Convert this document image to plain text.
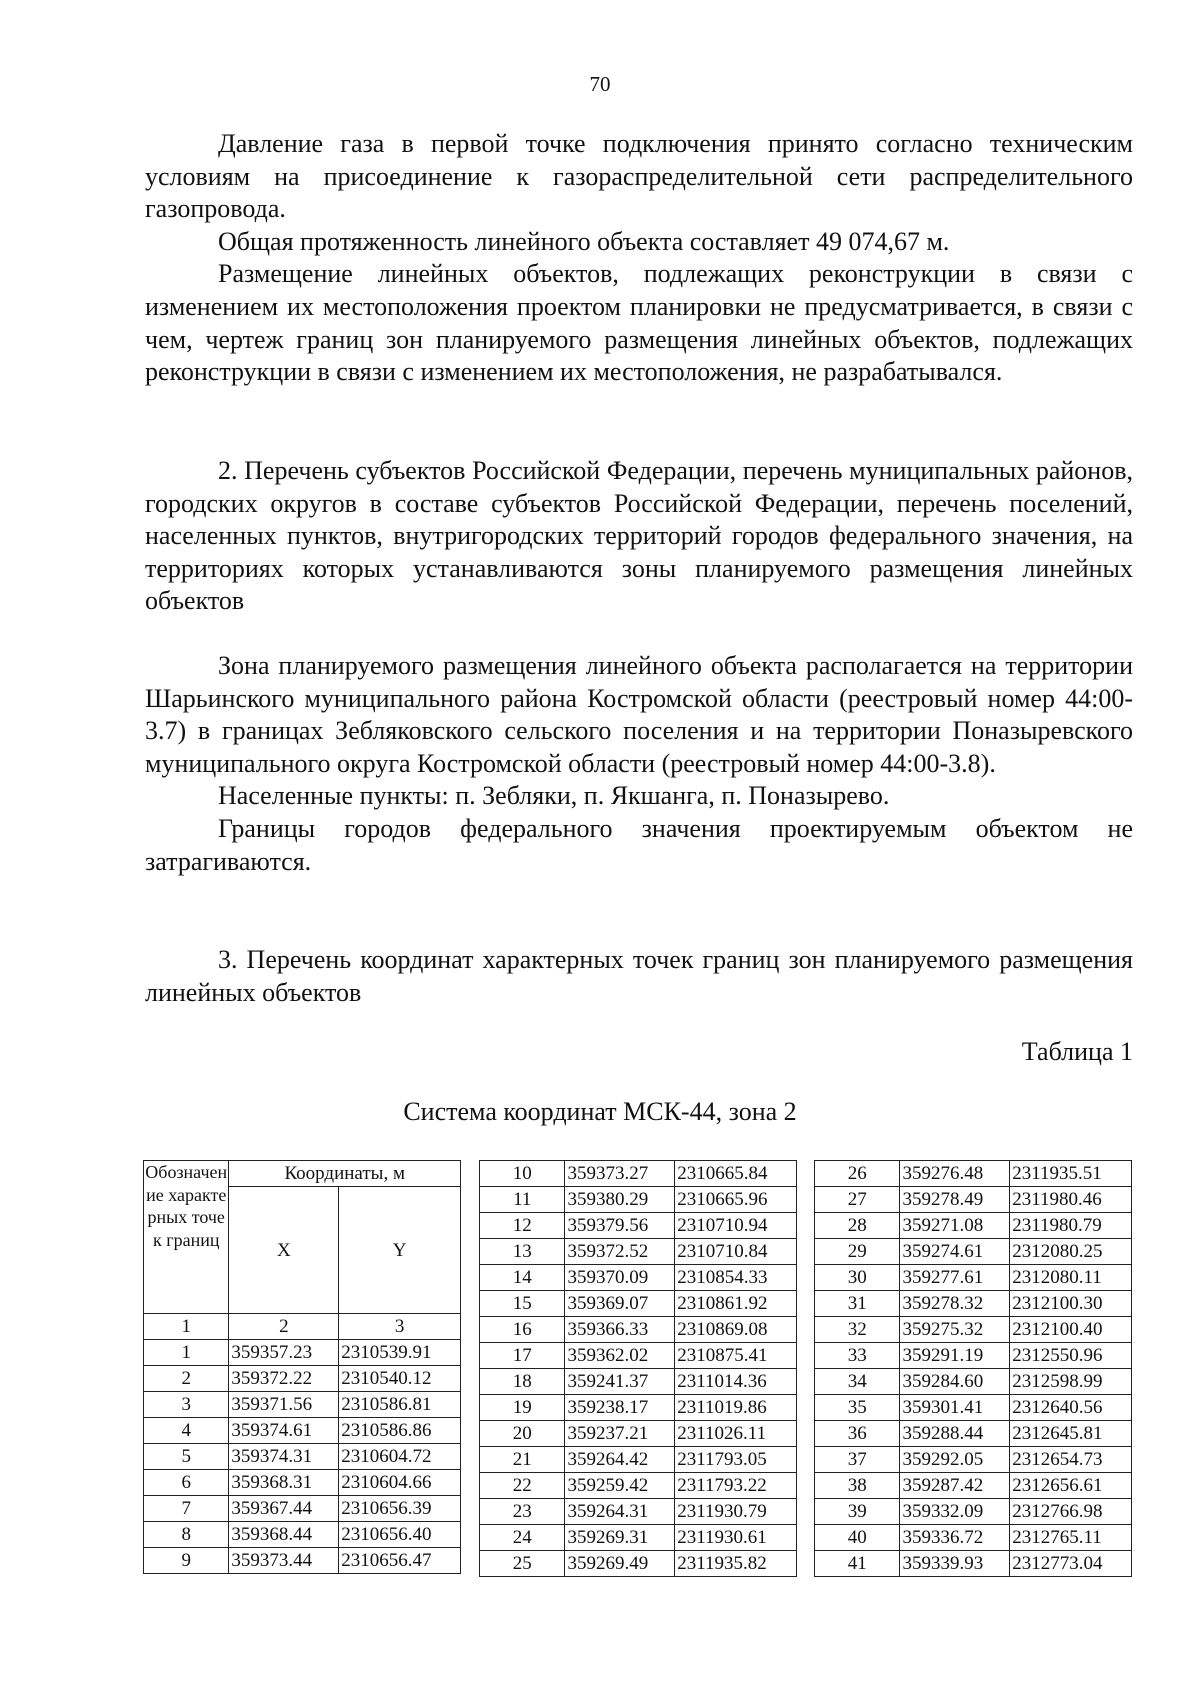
70

Давление газа в первой точке подключения принято согласно техническим условиям на присоединение к газораспределительной сети распределительного газопровода.

Общая протяженность линейного объекта составляет 49 074,67 м.

Размещение линейных объектов, подлежащих реконструкции в связи с изменением их местоположения проектом планировки не предусматривается, в связи с чем, чертеж границ зон планируемого размещения линейных объектов, подлежащих реконструкции в связи с изменением их местоположения, не разрабатывался.

2. Перечень субъектов Российской Федерации, перечень муниципальных районов, городских округов в составе субъектов Российской Федерации, перечень поселений, населенных пунктов, внутригородских территорий городов федерального значения, на территориях которых устанавливаются зоны планируемого размещения линейных объектов

Зона планируемого размещения линейного объекта располагается на территории Шарьинского муниципального района Костромской области (реестровый номер 44:00-3.7) в границах Зебляковского сельского поселения и на территории Поназыревского муниципального округа Костромской области (реестровый номер 44:00-3.8).

Населенные пункты: п. Зебляки, п. Якшанга, п. Поназырево.

Границы городов федерального значения проектируемым объектом не затрагиваются.

3. Перечень координат характерных точек границ зон планируемого размещения линейных объектов

Таблица 1
Система координат МСК-44, зона 2
Обозначение характерных точек границ	Координаты, м	
	X	Y
1	2	3
1	359357.23	2310539.91
2	359372.22	2310540.12
3	359371.56	2310586.81
4	359374.61	2310586.86
5	359374.31	2310604.72
6	359368.31	2310604.66
7	359367.44	2310656.39
8	359368.44	2310656.40
9	359373.44	2310656.47
10	359373.27	2310665.84
11	359380.29	2310665.96
12	359379.56	2310710.94
13	359372.52	2310710.84
14	359370.09	2310854.33
15	359369.07	2310861.92
16	359366.33	2310869.08
17	359362.02	2310875.41
18	359241.37	2311014.36
19	359238.17	2311019.86
20	359237.21	2311026.11
21	359264.42	2311793.05
22	359259.42	2311793.22
23	359264.31	2311930.79
24	359269.31	2311930.61
25	359269.49	2311935.82
26	359276.48	2311935.51
27	359278.49	2311980.46
28	359271.08	2311980.79
29	359274.61	2312080.25
30	359277.61	2312080.11
31	359278.32	2312100.30
32	359275.32	2312100.40
33	359291.19	2312550.96
34	359284.60	2312598.99
35	359301.41	2312640.56
36	359288.44	2312645.81
37	359292.05	2312654.73
38	359287.42	2312656.61
39	359332.09	2312766.98
40	359336.72	2312765.11
41	359339.93	2312773.04
